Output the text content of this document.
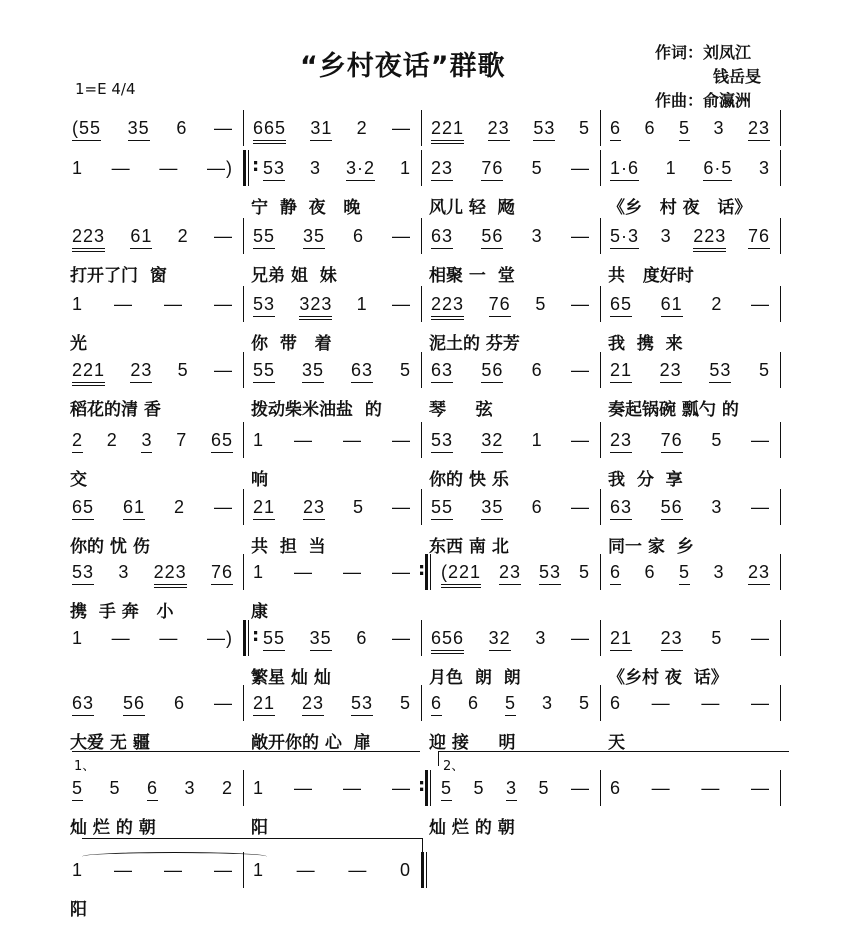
“乡村夜话”群歌	作词：刘凤江
钱岳旻
作曲：俞瀛洲
1=E 4/4
(55 35 6 — 665 31 2 — 221 23 53 5 6 6 5 3 23
1 — — —) 53 3 3·2 1
宁  静  夜   晚
23 76 5 —
风儿 轻  飏
1·6 1 6·5 3
《乡   村 夜   话》
:
223 61 2 —
打开了门  窗
55 35 6 —
兄弟 姐  妹
63 56 3 —
相聚 一  堂
5·3 3 223 76
共   度好时
1 — — —
光
53 323 1 —
你  带   着
223 76 5 —
泥土的 芬芳
65 61 2 —
我  携  来
221 23 5 —
稻花的清 香
55 35 63 5
拨动柴米油盐  的
63 56 6 —
琴     弦
21 23 53 5
奏起锅碗 瓢勺 的
2 2 3 7 65
交
1 — — —
响
53 32 1 —
你的 快 乐
23 76 5 —
我  分  享
65 61 2 —
你的 忧 伤
21 23 5 —
共  担  当
55 35 6 —
东西 南 北
63 56 3 —
同一 家  乡
53 3 223 76
携  手 奔   小
1 — — —
康
(221 23 53 5 6 6 5 3 23
:
1 — — —) 55 35 6 —
繁星 灿 灿
656 32 3 —
月色  朗  朗
21 23 5 —
《乡村 夜  话》
:
63 56 6 —
大爱 无 疆
21 23 53 5
敞开你的 心  扉
6 6 5 3 5
迎 接     明
6 — — —
天
5 5 6 3 2
灿 烂 的 朝
1 — — —
阳
5 5 3 5 —
灿 烂 的 朝
6 — — —
:
1 — — —
阳
1 — — 0
1、	2、
